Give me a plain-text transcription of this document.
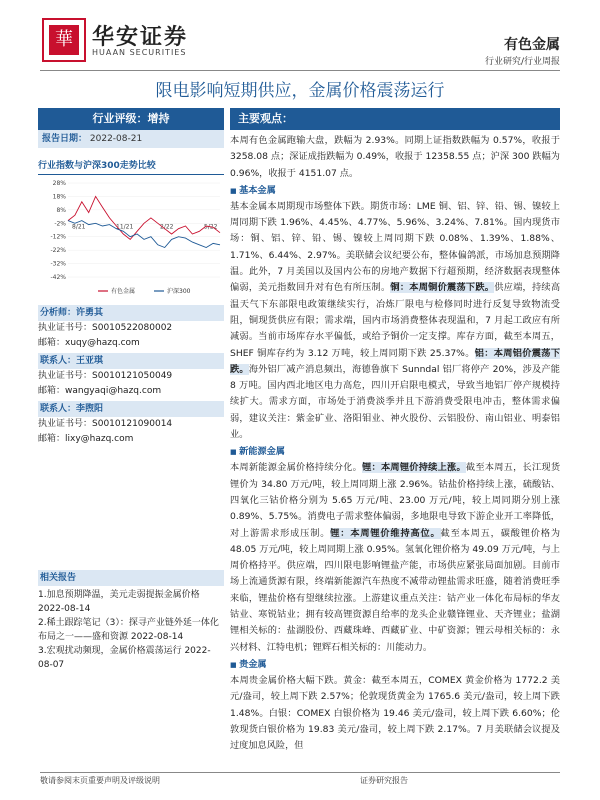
華 华安证券
HUAAN SECURITIES	有色金属
行业研究/行业周报
限电影响短期供应，金属价格震荡运行
行业评级：增持
报告日期： 2022-08-21
行业指数与沪深300走势比较
28%
18%
8%
-2%
-12%
-22%
-32%
-42%
8/21	11/21	2/22	5/22
有色金属	沪深300
分析师：许勇其
执业证书号：S0010522080002
邮箱：xuqy@hazq.com
联系人：王亚琪
执业证书号：S0010121050049
邮箱：wangyaqi@hazq.com
联系人：李煦阳
执业证书号：S0010121090014
邮箱：lixy@hazq.com
相关报告
1.加息预期降温，美元走弱提振金属价格 2022-08-14
2.稀土跟踪笔记（3）：探寻产业链外延一体化布局之一——盛和资源 2022-08-14
3.宏观扰动频现，金属价格震荡运行 2022-08-07
主要观点：

本周有色金属跑输大盘，跌幅为 2.93%。同期上证指数跌幅为 0.57%，收报于 3258.08 点；深证成指跌幅为 0.49%，收报于 12358.55 点；沪深 300 跌幅为 0.96%，收报于 4151.07 点。

■ 基本金属

基本金属本周期现市场整体下跌。期货市场：LME 铜、铝、锌、铅、锡、镍较上周同期下跌 1.96%、4.45%、4.77%、5.96%、3.24%、7.81%。国内现货市场：铜、铝、锌、铅、锡、镍较上周同期下跌 0.08%、1.39%、1.88%、1.71%、6.44%、2.97%。美联储会议纪要公布，整体偏鸽派，市场加息预期降温。此外，7 月美国以及国内公布的房地产数据下行超预期，经济数据表现整体偏弱，美元指数回升对有色有所压制。铜：本周铜价震荡下跌。供应端，持续高温天气下东部限电政策继续实行，冶炼厂限电与检修同时进行反复导致物流受阻，铜现货供应有限；需求端，国内市场消费整体表现温和，7 月起工政应有所减弱。当前市场库存水平偏低，或给予铜价一定支撑。库存方面，截至本周五，SHEF 铜库存约为 3.12 万吨，较上周同期下跌 25.37%。铝：本周铝价震荡下跌。海外铝厂减产消息频出，海德鲁旗下 Sunndal 铝厂将停产 20%，涉及产能 8 万吨。国内西北地区电力高危，四川开启限电模式，导致当地铝厂停产规模持续扩大。需求方面，市场处于消费淡季并且下游消费受限电冲击，整体需求偏弱，建议关注：紫金矿业、洛阳钼业、神火股份、云铝股份、南山铝业、明泰铝业。

■ 新能源金属

本周新能源金属价格持续分化。锂：本周锂价持续上涨。截至本周五，长江现货锂价为 34.80 万元/吨，较上周同期上涨 2.96%。钴盐价格持续上涨，硫酸钴、四氧化三钴价格分别为 5.65 万元/吨、23.00 万元/吨，较上周同期分别上涨 0.89%、5.75%。消费电子需求整体偏弱，多地限电导致下游企业开工率降低，对上游需求形成压制。锂：本周锂价维持高位。截至本周五，碳酸锂价格为 48.05 万元/吨，较上周同期上涨 0.95%。氢氧化锂价格为 49.09 万元/吨，与上周价格持平。供应端，四川限电影响锂盐产能，市场供应紧张局面加剧。目前市场上流通货源有限，终端新能源汽车热度不减带动锂盐需求旺盛，随着消费旺季来临，锂盐价格有望继续拉涨。上游建议重点关注：钴产业一体化布局标的华友钴业、寒锐钴业；拥有较高锂资源自给率的龙头企业赣锋锂业、天齐锂业；盐湖锂相关标的：盐湖股份、西藏珠峰、西藏矿业、中矿资源；锂云母相关标的：永兴材料、江特电机；锂辉石相关标的：川能动力。

■ 贵金属

本周贵金属价格大幅下跌。黄金：截至本周五，COMEX 黄金价格为 1772.2 美元/盎司，较上周下跌 2.57%；伦敦现货黄金为 1765.6 美元/盎司，较上周下跌 1.48%。白银：COMEX 白银价格为 19.46 美元/盎司，较上周下跌 6.60%；伦敦现货白银价格为 19.83 美元/盎司，较上周下跌 2.17%。7 月美联储会议提及过度加息风险，但

敬请参阅末页重要声明及评级说明	证券研究报告
